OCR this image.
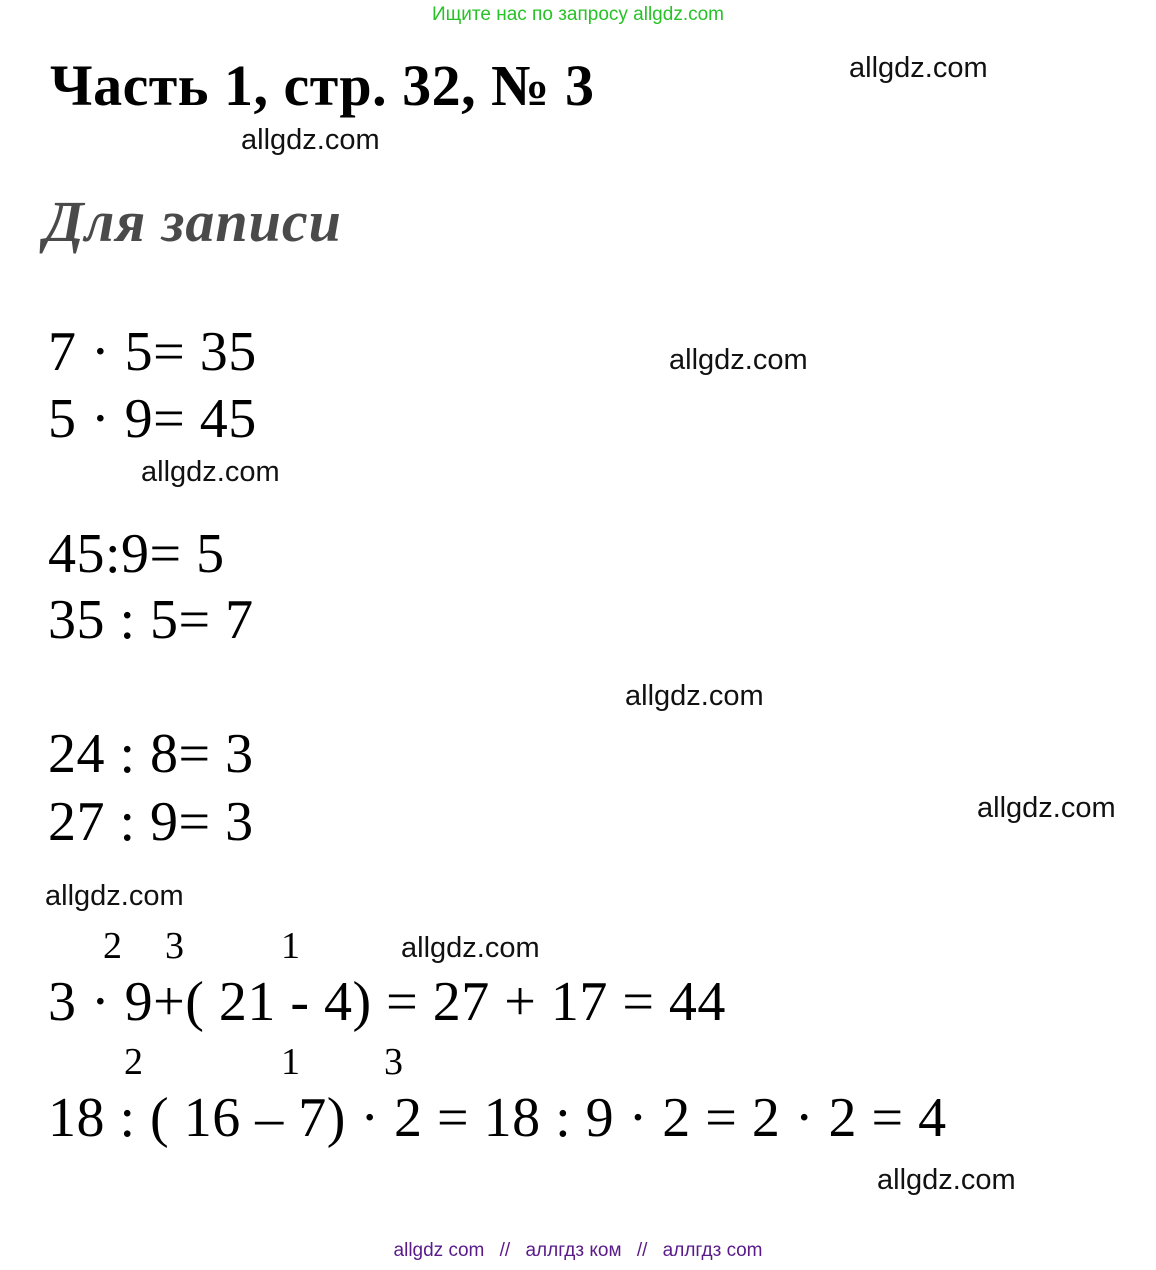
Ищите нас по запросу allgdz.com
Часть 1, стр. 32, № 3	allgdz.com
allgdz.com
Для записи
7 · 5= 35	allgdz.com
5 · 9= 45
allgdz.com
45:9= 5
35 : 5= 7
allgdz.com
24 : 8= 3
allgdz.com
27 : 9= 3
allgdz.com
2 3	1	allgdz.com
3 · 9+( 21 - 4) = 27 + 17 = 44
2	1 3
18 : ( 16 – 7) · 2 = 18 : 9 · 2 = 2 · 2 = 4
allgdz.com
allgdz com // аллгдз ком // аллгдз com
